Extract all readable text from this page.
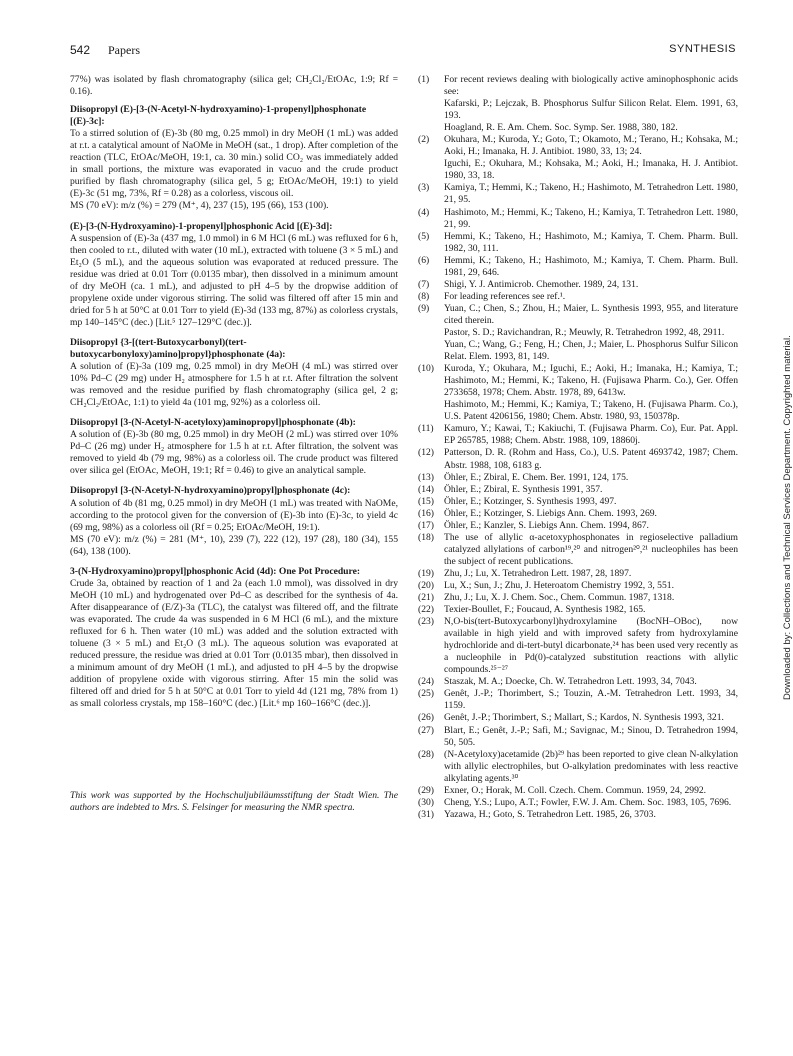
542 Papers	SYNTHESIS

77%) was isolated by flash chromatography (silica gel; CH₂Cl₂/EtOAc, 1:9; Rf = 0.16).

Diisopropyl (E)-[3-(N-Acetyl-N-hydroxyamino)-1-propenyl]phosphonate [(E)-3c]:

To a stirred solution of (E)-3b (80 mg, 0.25 mmol) in dry MeOH (1 mL) was added at r.t. a catalytical amount of NaOMe in MeOH (sat., 1 drop). After completion of the reaction (TLC, EtOAc/MeOH, 19:1, ca. 30 min.) solid CO₂ was immediately added in small portions, the mixture was evaporated in vacuo and the crude product purified by flash chromatography (silica gel, 5 g; EtOAc/MeOH, 19:1) to yield (E)-3c (51 mg, 73%, Rf = 0.28) as a colorless, viscous oil.

MS (70 eV): m/z (%) = 279 (M⁺, 4), 237 (15), 195 (66), 153 (100).

(E)-[3-(N-Hydroxyamino)-1-propenyl]phosphonic Acid [(E)-3d]:

A suspension of (E)-3a (437 mg, 1.0 mmol) in 6 M HCl (6 mL) was refluxed for 6 h, then cooled to r.t., diluted with water (10 mL), extracted with toluene (3 × 5 mL) and Et₂O (5 mL), and the aqueous solution was evaporated at reduced pressure. The residue was dried at 0.01 Torr (0.0135 mbar), then dissolved in a minimum amount of dry MeOH (ca. 1 mL), and adjusted to pH 4–5 by the dropwise addition of propylene oxide under vigorous stirring. The solid was filtered off after 15 min and dried for 5 h at 50°C at 0.01 Torr to yield (E)-3d (133 mg, 87%) as colorless crystals, mp 140–145°C (dec.) [Lit.⁵ 127–129°C (dec.)].

Diisopropyl {3-[(tert-Butoxycarbonyl)(tert-butoxycarbonyloxy)amino]propyl}phosphonate (4a):

A solution of (E)-3a (109 mg, 0.25 mmol) in dry MeOH (4 mL) was stirred over 10% Pd–C (29 mg) under H₂ atmosphere for 1.5 h at r.t. After filtration the solvent was removed and the residue purified by flash chromatography (silica gel, 2 g; CH₂Cl₂/EtOAc, 1:1) to yield 4a (101 mg, 92%) as a colorless oil.

Diisopropyl [3-(N-Acetyl-N-acetyloxy)aminopropyl]phosphonate (4b):

A solution of (E)-3b (80 mg, 0.25 mmol) in dry MeOH (2 mL) was stirred over 10% Pd–C (26 mg) under H₂ atmosphere for 1.5 h at r.t. After filtration, the solvent was removed to yield 4b (79 mg, 98%) as a colorless oil. The crude product was filtered over silica gel (EtOAc, MeOH, 19:1; Rf = 0.46) to give an analytical sample.

Diisopropyl [3-(N-Acetyl-N-hydroxyamino)propyl]phosphonate (4c):

A solution of 4b (81 mg, 0.25 mmol) in dry MeOH (1 mL) was treated with NaOMe, according to the protocol given for the conversion of (E)-3b into (E)-3c, to yield 4c (69 mg, 98%) as a colorless oil (Rf = 0.25; EtOAc/MeOH, 19:1).

MS (70 eV): m/z (%) = 281 (M⁺, 10), 239 (7), 222 (12), 197 (28), 180 (34), 155 (64), 138 (100).

3-(N-Hydroxyamino)propyl]phosphonic Acid (4d): One Pot Procedure:

Crude 3a, obtained by reaction of 1 and 2a (each 1.0 mmol), was dissolved in dry MeOH (10 mL) and hydrogenated over Pd–C as described for the synthesis of 4a. After disappearance of (E/Z)-3a (TLC), the catalyst was filtered off, and the filtrate was evaporated. The crude 4a was suspended in 6 M HCl (6 mL), and the mixture refluxed for 6 h. Then water (10 mL) was added and the solution extracted with toluene (3 × 5 mL) and Et₂O (3 mL). The aqueous solution was evaporated at reduced pressure, the residue was dried at 0.01 Torr (0.0135 mbar), then dissolved in a minimum amount of dry MeOH (1 mL), and adjusted to pH 4–5 by the dropwise addition of propylene oxide with vigorous stirring. After 15 min the solid was filtered off and dried for 5 h at 50°C at 0.01 Torr to yield 4d (121 mg, 78% from 1) as small colorless crystals, mp 158–160°C (dec.) [Lit.⁶ mp 160–166°C (dec.)].

This work was supported by the Hochschuljubiläumsstiftung der Stadt Wien. The authors are indebted to Mrs. S. Felsinger for measuring the NMR spectra.

(1) For recent reviews dealing with biologically active aminophosphonic acids see:
Kafarski, P.; Lejczak, B. Phosphorus Sulfur Silicon Relat. Elem. 1991, 63, 193.
Hoagland, R. E. Am. Chem. Soc. Symp. Ser. 1988, 380, 182.
(2) Okuhara, M.; Kuroda, Y.; Goto, T.; Okamoto, M.; Terano, H.; Kohsaka, M.; Aoki, H.; Imanaka, H. J. Antibiot. 1980, 33, 13; 24.
Iguchi, E.; Okuhara, M.; Kohsaka, M.; Aoki, H.; Imanaka, H. J. Antibiot. 1980, 33, 18.
(3) Kamiya, T.; Hemmi, K.; Takeno, H.; Hashimoto, M. Tetrahedron Lett. 1980, 21, 95.
(4) Hashimoto, M.; Hemmi, K.; Takeno, H.; Kamiya, T. Tetrahedron Lett. 1980, 21, 99.
(5) Hemmi, K.; Takeno, H.; Hashimoto, M.; Kamiya, T. Chem. Pharm. Bull. 1982, 30, 111.
(6) Hemmi, K.; Takeno, H.; Hashimoto, M.; Kamiya, T. Chem. Pharm. Bull. 1981, 29, 646.
(7) Shigi, Y. J. Antimicrob. Chemother. 1989, 24, 131.
(8) For leading references see ref.¹.
(9) Yuan, C.; Chen, S.; Zhou, H.; Maier, L. Synthesis 1993, 955, and literature cited therein.
Pastor, S. D.; Ravichandran, R.; Meuwly, R. Tetrahedron 1992, 48, 2911.
Yuan, C.; Wang, G.; Feng, H.; Chen, J.; Maier, L. Phosphorus Sulfur Silicon Relat. Elem. 1993, 81, 149.
(10) Kuroda, Y.; Okuhara, M.; Iguchi, E.; Aoki, H.; Imanaka, H.; Kamiya, T.; Hashimoto, M.; Hemmi, K.; Takeno, H. (Fujisawa Pharm. Co.), Ger. Offen 2733658, 1978; Chem. Abstr. 1978, 89, 6413w.
Hashimoto, M.; Hemmi, K.; Kamiya, T.; Takeno, H. (Fujisawa Pharm. Co.), U.S. Patent 4206156, 1980; Chem. Abstr. 1980, 93, 150378p.
(11) Kamuro, Y.; Kawai, T.; Kakiuchi, T. (Fujisawa Pharm. Co), Eur. Pat. Appl. EP 265785, 1988; Chem. Abstr. 1988, 109, 18860j.
(12) Patterson, D. R. (Rohm and Hass, Co.), U.S. Patent 4693742, 1987; Chem. Abstr. 1988, 108, 6183 g.
(13) Öhler, E.; Zbiral, E. Chem. Ber. 1991, 124, 175.
(14) Öhler, E.; Zbiral, E. Synthesis 1991, 357.
(15) Öhler, E.; Kotzinger, S. Synthesis 1993, 497.
(16) Öhler, E.; Kotzinger, S. Liebigs Ann. Chem. 1993, 269.
(17) Öhler, E.; Kanzler, S. Liebigs Ann. Chem. 1994, 867.
(18) The use of allylic α-acetoxyphosphonates in regioselective palladium catalyzed allylations of carbon¹⁹,²⁰ and nitrogen²⁰,²¹ nucleophiles has been the subject of recent publications.
(19) Zhu, J.; Lu, X. Tetrahedron Lett. 1987, 28, 1897.
(20) Lu, X.; Sun, J.; Zhu, J. Heteroatom Chemistry 1992, 3, 551.
(21) Zhu, J.; Lu, X. J. Chem. Soc., Chem. Commun. 1987, 1318.
(22) Texier-Boullet, F.; Foucaud, A. Synthesis 1982, 165.
(23) N,O-bis(tert-Butoxycarbonyl)hydroxylamine (BocNH–OBoc), now available in high yield and with improved safety from hydroxylamine hydrochloride and di-tert-butyl dicarbonate,²⁴ has been used very recently as a nucleophile in Pd(0)-catalyzed substitution reactions with allylic compounds.²⁵⁻²⁷
(24) Staszak, M. A.; Doecke, Ch. W. Tetrahedron Lett. 1993, 34, 7043.
(25) Genêt, J.-P.; Thorimbert, S.; Touzin, A.-M. Tetrahedron Lett. 1993, 34, 1159.
(26) Genêt, J.-P.; Thorimbert, S.; Mallart, S.; Kardos, N. Synthesis 1993, 321.
(27) Blart, E.; Genêt, J.-P.; Safi, M.; Savignac, M.; Sinou, D. Tetrahedron 1994, 50, 505.
(28) (N-Acetyloxy)acetamide (2b)²⁹ has been reported to give clean N-alkylation with allylic electrophiles, but O-alkylation predominates with less reactive alkylating agents.³⁰
(29) Exner, O.; Horak, M. Coll. Czech. Chem. Commun. 1959, 24, 2992.
(30) Cheng, Y.S.; Lupo, A.T.; Fowler, F.W. J. Am. Chem. Soc. 1983, 105, 7696.
(31) Yazawa, H.; Goto, S. Tetrahedron Lett. 1985, 26, 3703.
Downloaded by: Collections and Technical Services Department. Copyrighted material.
